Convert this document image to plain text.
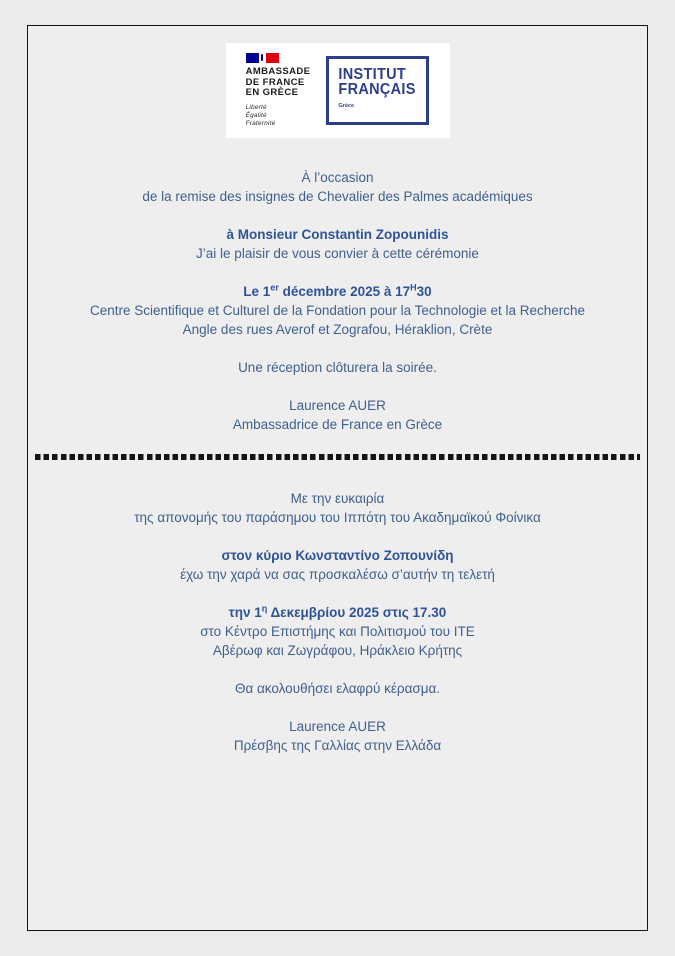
AMBASSADE
DE FRANCE
EN GRÈCE
Liberté
Égalité
Fraternité
INSTITUT
FRANÇAIS
Grèce
À l’occasion
de la remise des insignes de Chevalier des Palmes académiques
à Monsieur Constantin Zopounidis
J’ai le plaisir de vous convier à cette cérémonie
Le 1er décembre 2025 à $17^H30$
Centre Scientifique et Culturel de la Fondation pour la Technologie et la Recherche
Angle des rues Averof et Zografou, Héraklion, Crète
Une réception clôturera la soirée.
Laurence AUER
Ambassadrice de France en Grèce
Με την ευκαιρία
της απονομής του παράσημου του Ιππότη του Ακαδημαϊκού Φοίνικα
στον κύριο Κωνσταντίνο Ζοπουνίδη
έχω την χαρά να σας προσκαλέσω σ’αυτήν τη τελετή
την $1^\eta$ Δεκεμβρίου 2025 στις 17.30
στο Κέντρο Επιστήμης και Πολιτισμού του ΙΤΕ
Αβέρωφ και Ζωγράφου, Ηράκλειο Κρήτης
Θα ακολουθήσει ελαφρύ κέρασμα.
Laurence AUER
Πρέσβης της Γαλλίας στην Ελλάδα
